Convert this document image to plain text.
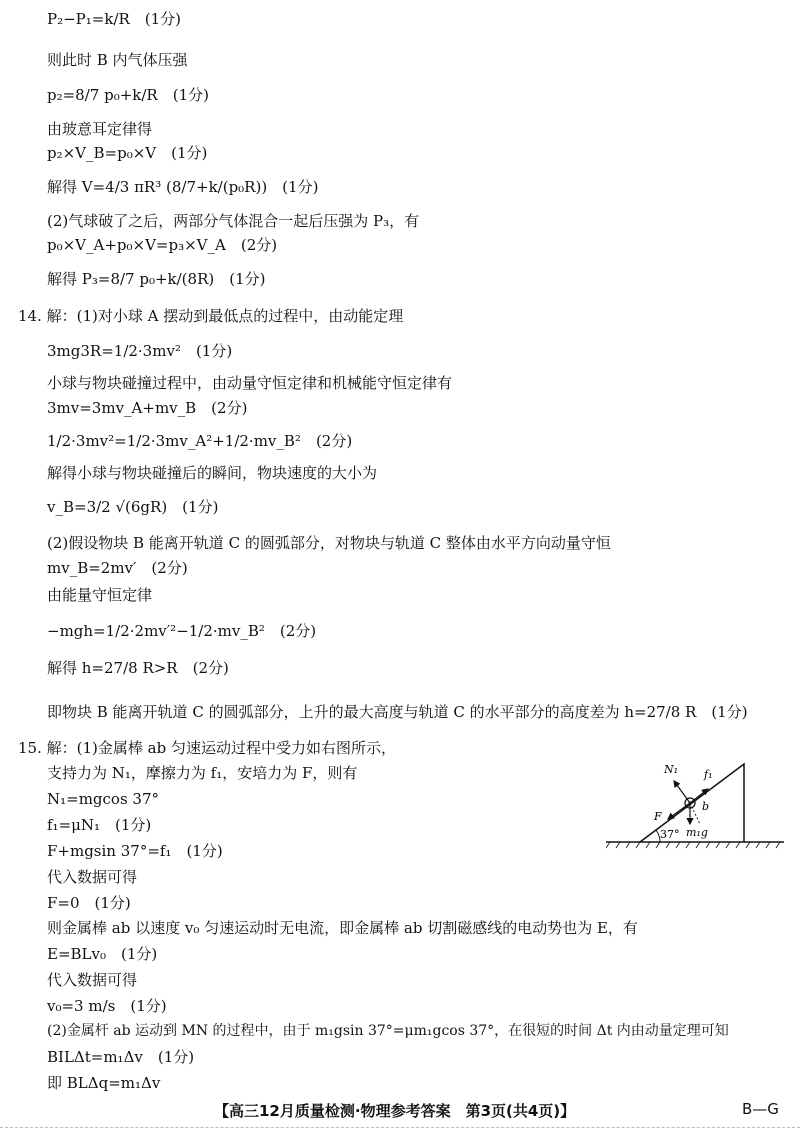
P₂−P₁=k/R　(1分)
则此时 B 内气体压强
p₂=8/7 p₀+k/R　(1分)
由玻意耳定律得
p₂×V_B=p₀×V　(1分)
解得 V=4/3 πR³ (8/7+k/(p₀R))　(1分)
(2)气球破了之后，两部分气体混合一起后压强为 P₃，有
p₀×V_A+p₀×V=p₃×V_A　(2分)
解得 P₃=8/7 p₀+k/(8R)　(1分)
14. 解：(1)对小球 A 摆动到最低点的过程中，由动能定理
3mg3R=1/2·3mv²　(1分)
小球与物块碰撞过程中，由动量守恒定律和机械能守恒定律有
3mv=3mv_A+mv_B　(2分)
1/2·3mv²=1/2·3mv_A²+1/2·mv_B²　(2分)
解得小球与物块碰撞后的瞬间，物块速度的大小为
v_B=3/2 √(6gR)　(1分)
(2)假设物块 B 能离开轨道 C 的圆弧部分，对物块与轨道 C 整体由水平方向动量守恒
mv_B=2mv′　(2分)
由能量守恒定律
−mgh=1/2·2mv′²−1/2·mv_B²　(2分)
解得 h=27/8 R>R　(2分)
即物块 B 能离开轨道 C 的圆弧部分，上升的最大高度与轨道 C 的水平部分的高度差为 h=27/8 R　(1分)
15. 解：(1)金属棒 ab 匀速运动过程中受力如右图所示，
支持力为 N₁，摩擦力为 f₁，安培力为 F，则有
N₁=mgcos 37°
f₁=μN₁　(1分)
F+mgsin 37°=f₁　(1分)
代入数据可得
F=0　(1分)
则金属棒 ab 以速度 v₀ 匀速运动时无电流，即金属棒 ab 切割磁感线的电动势也为 E，有
E=BLv₀　(1分)
代入数据可得
v₀=3 m/s　(1分)
(2)金属杆 ab 运动到 MN 的过程中，由于 m₁gsin 37°=μm₁gcos 37°，在很短的时间 Δt 内由动量定理可知
BILΔt=m₁Δv　(1分)
即 BLΔq=m₁Δv
37°
N₁ f₁
F
m₁g
b
【高三12月质量检测·物理参考答案　第3页(共4页)】	B—G
